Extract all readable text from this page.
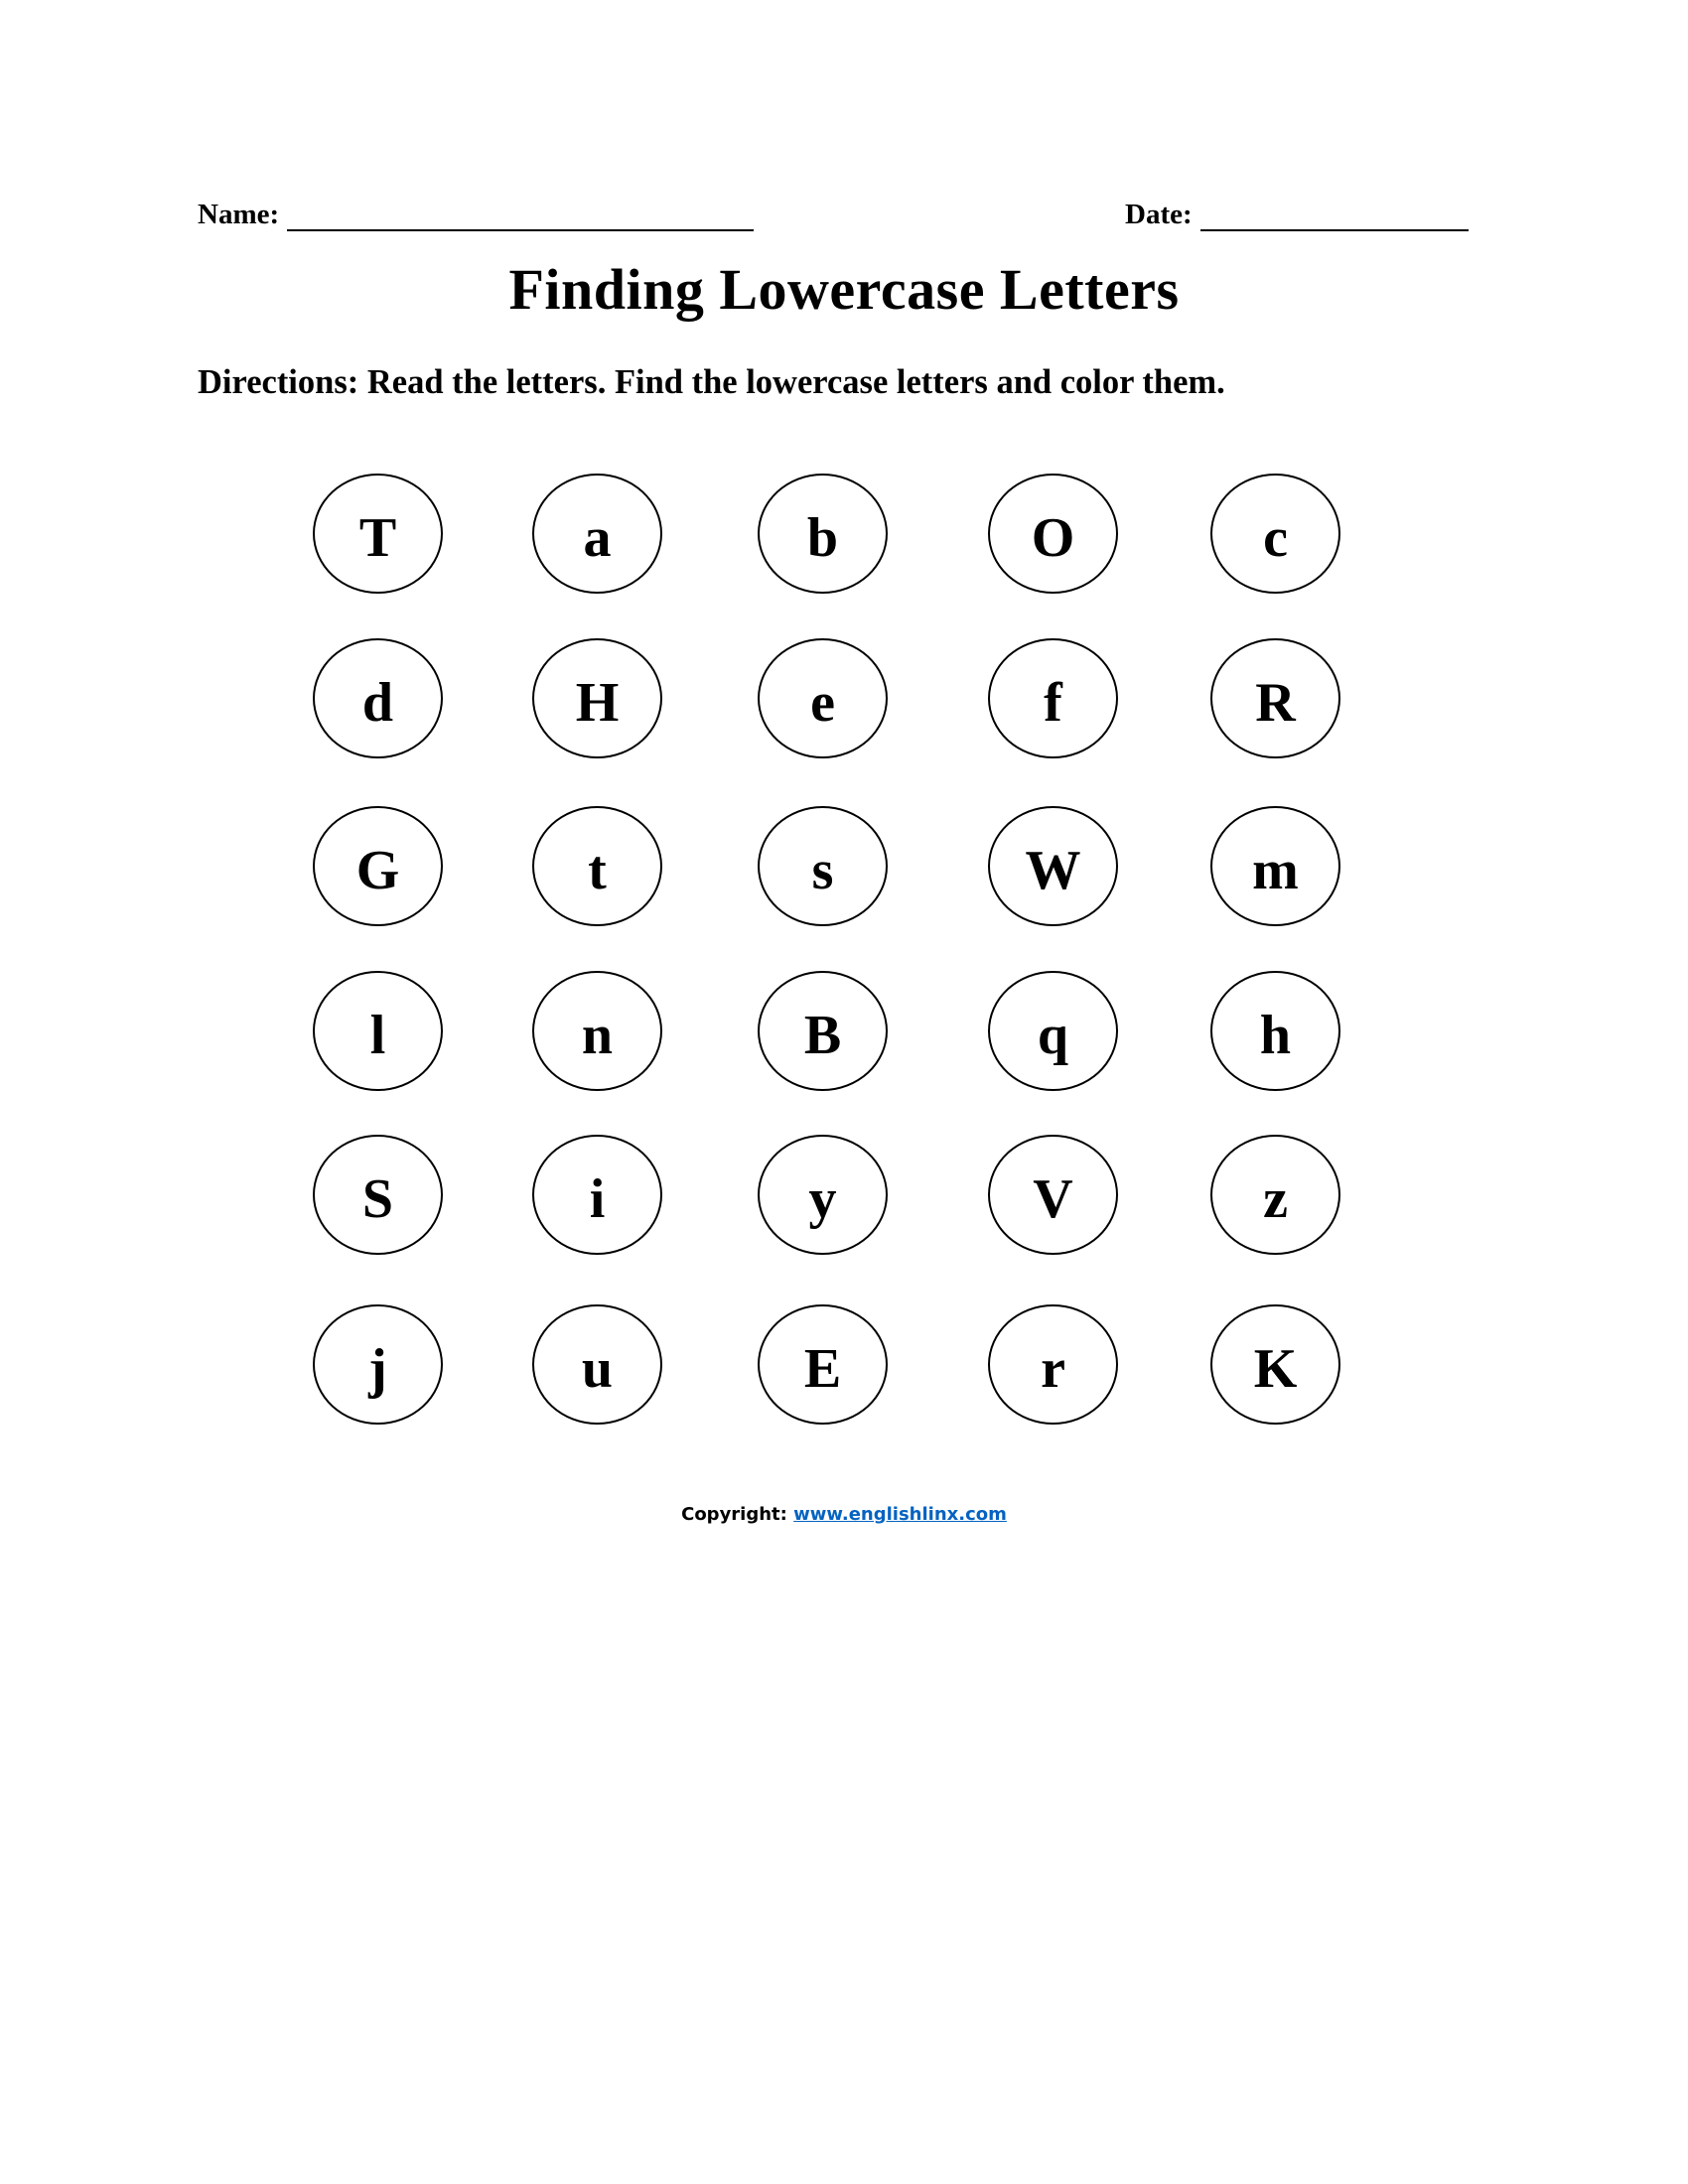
Name:	Date:
Finding Lowercase Letters
Directions: Read the letters. Find the lowercase letters and color them.
T	a	b	O	c
d	H	e	f	R
G	t	s	W	m
l	n	B	q	h
S	i	y	V	z
j	u	E	r	K
Copyright: www.englishlinx.com
